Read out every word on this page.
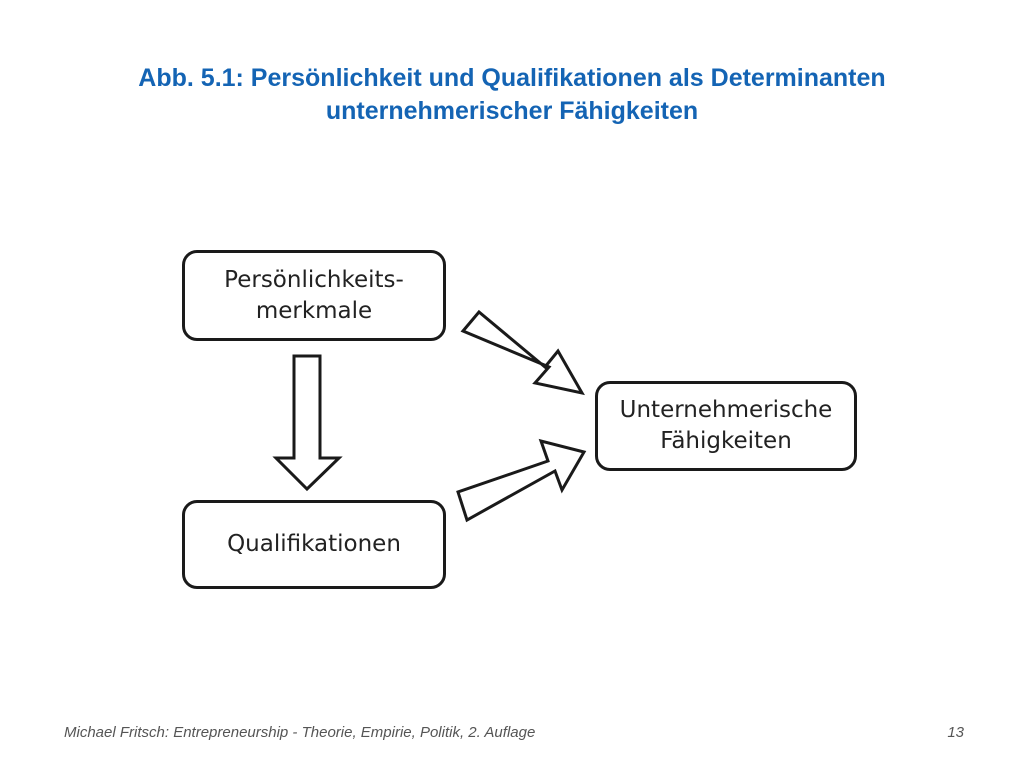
Abb. 5.1: Persönlichkeit und Qualifikationen als Determinanten
unternehmerischer Fähigkeiten
Persönlichkeits-
merkmale
Qualifikationen
Unternehmerische
Fähigkeiten
Michael Fritsch: Entrepreneurship - Theorie, Empirie, Politik, 2. Auflage	13
